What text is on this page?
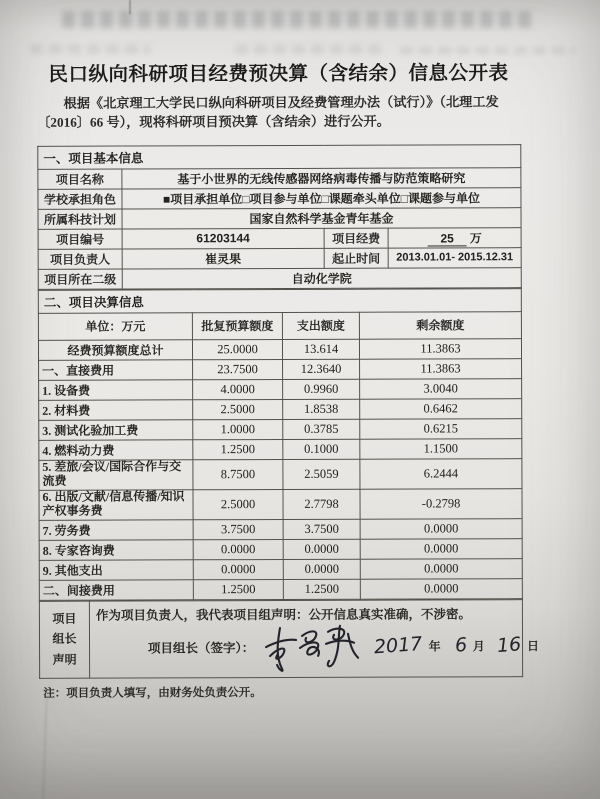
民口纵向科研项目经费预决算（含结余）信息公开表

根据《北京理工大学民口纵向科研项目及经费管理办法（试行）》（北理工发〔2016〕66 号），现将科研项目预决算（含结余）进行公开。

一、项目基本信息			
项目名称	基于小世界的无线传感器网络病毒传播与防范策略研究		
学校承担角色	■项目承担单位□项目参与单位□课题牵头单位□课题参与单位		
所属科技计划	国家自然科学基金青年基金		
项目编号	61203144	项目经费	25 万
项目负责人	崔灵果	起止时间	2013.01.01- 2015.12.31
项目所在二级	自动化学院		
二、项目决算信息			
单位：万元	批复预算额度	支出额度	剩余额度
经费预算额度总计	25.0000	13.614	11.3863
一、直接费用	23.7500	12.3640	11.3863
1. 设备费	4.0000	0.9960	3.0040
2. 材料费	2.5000	1.8538	0.6462
3. 测试化验加工费	1.0000	0.3785	0.6215
4. 燃料动力费	1.2500	0.1000	1.1500
5. 差旅/会议/国际合作与交流费	8.7500	2.5059	6.2444
6. 出版/文献/信息传播/知识产权事务费	2.5000	2.7798	-0.2798
7. 劳务费	3.7500	3.7500	0.0000
8. 专家咨询费	0.0000	0.0000	0.0000
9. 其他支出	0.0000	0.0000	0.0000
二、间接费用	1.2500	1.2500	0.0000
项目
组长
声明

作为项目负责人，我代表项目组声明：公开信息真实准确，不涉密。
项目组长（签字）：	2017 年 6 月 16 日
注：项目负责人填写，由财务处负责公开。
